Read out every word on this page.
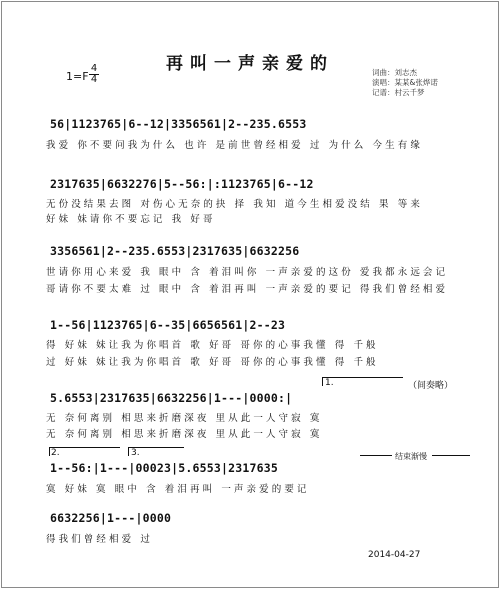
再叫一声亲爱的
1=F
4
4
词曲：刘志杰
演唱：某某&张烨诺
记谱：村云千梦
56|1123765|6--12|3356561|2--235.6553
我爱 你不要问我为什么 也许 是前世曾经相爱 过 为什么 今生有缘
2317635|6632276|5--56:|:1123765|6--12
无份没结果去图 对伤心无奈的抉 择 我知 道今生相爱没结 果 等来
好妹 妹请你不要忘记 我 好哥
3356561|2--235.6553|2317635|6632256
世请你用心来爱 我 眼中 含 着泪叫你 一声亲爱的这份 爱我都永远会记
哥请你不要太难 过 眼中 含 着泪再叫 一声亲爱的要记 得我们曾经相爱
1--56|1123765|6--35|6656561|2--23
得 好妹 妹让我为你唱首 歌 好哥 哥你的心事我懂 得 千般
过 好妹 妹让我为你唱首 歌 好哥 哥你的心事我懂 得 千般
1.	（间奏略）
5.6553|2317635|6632256|1---|0000:|
无 奈何离别 相思来折磨深夜 里从此一人守寂 寞
无 奈何离别 相思来折磨深夜 里从此一人守寂 寞
2.	3.	结束渐慢
1--56:|1---|00023|5.6553|2317635
寞 好妹 寞 眼中 含 着泪再叫 一声亲爱的要记
6632256|1---|0000
得我们曾经相爱 过
2014-04-27
